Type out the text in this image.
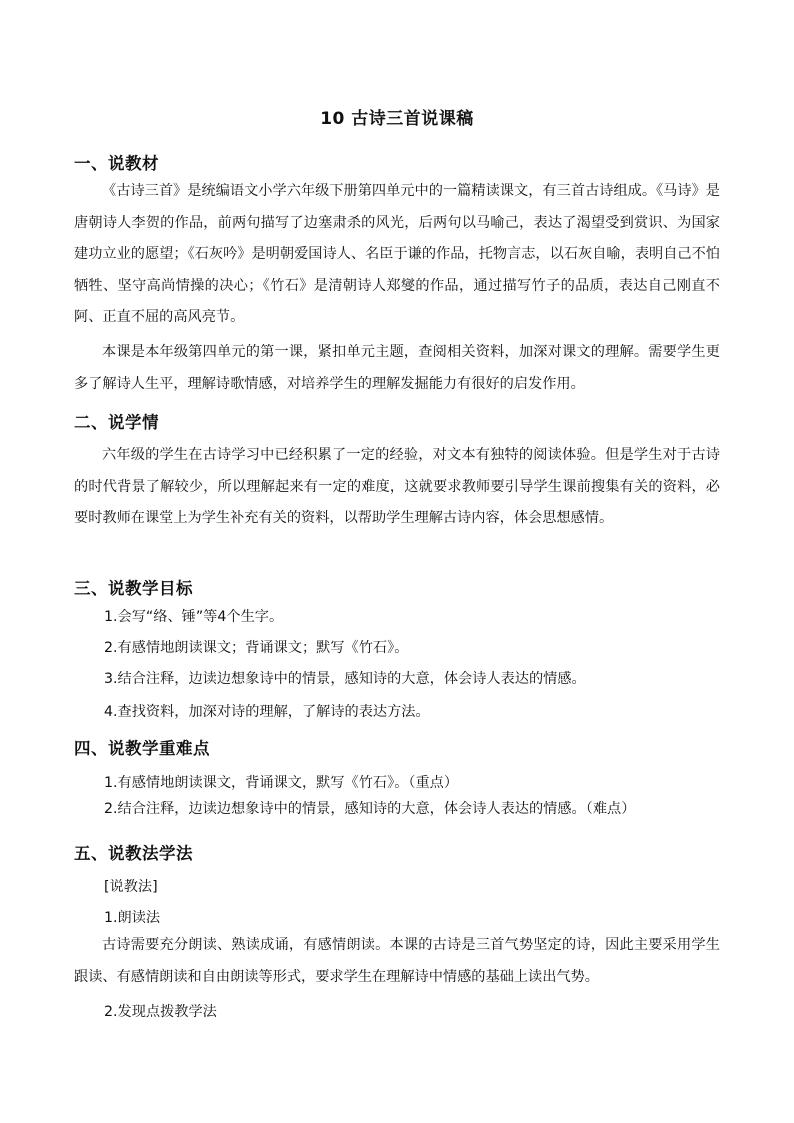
10 古诗三首说课稿
一、说教材

《古诗三首》是统编语文小学六年级下册第四单元中的一篇精读课文，有三首古诗组成。《马诗》是唐朝诗人李贺的作品，前两句描写了边塞肃杀的风光，后两句以马喻己，表达了渴望受到赏识、为国家建功立业的愿望；《石灰吟》是明朝爱国诗人、名臣于谦的作品，托物言志，以石灰自喻，表明自己不怕牺牲、坚守高尚情操的决心；《竹石》是清朝诗人郑燮的作品，通过描写竹子的品质，表达自己刚直不阿、正直不屈的高风亮节。

本课是本年级第四单元的第一课，紧扣单元主题，查阅相关资料，加深对课文的理解。需要学生更多了解诗人生平，理解诗歌情感，对培养学生的理解发掘能力有很好的启发作用。

二、说学情

六年级的学生在古诗学习中已经积累了一定的经验，对文本有独特的阅读体验。但是学生对于古诗的时代背景了解较少，所以理解起来有一定的难度，这就要求教师要引导学生课前搜集有关的资料，必要时教师在课堂上为学生补充有关的资料，以帮助学生理解古诗内容，体会思想感情。

三、说教学目标
1.会写“络、锤”等4个生字。
2.有感情地朗读课文；背诵课文；默写《竹石》。
3.结合注释，边读边想象诗中的情景，感知诗的大意，体会诗人表达的情感。
4.查找资料，加深对诗的理解，了解诗的表达方法。
四、说教学重难点
1.有感情地朗读课文，背诵课文，默写《竹石》。（重点）
2.结合注释，边读边想象诗中的情景，感知诗的大意，体会诗人表达的情感。（难点）
五、说教法学法
[说教法]
1.朗读法

古诗需要充分朗读、熟读成诵，有感情朗读。本课的古诗是三首气势坚定的诗，因此主要采用学生跟读、有感情朗读和自由朗读等形式，要求学生在理解诗中情感的基础上读出气势。

2.发现点拨教学法
